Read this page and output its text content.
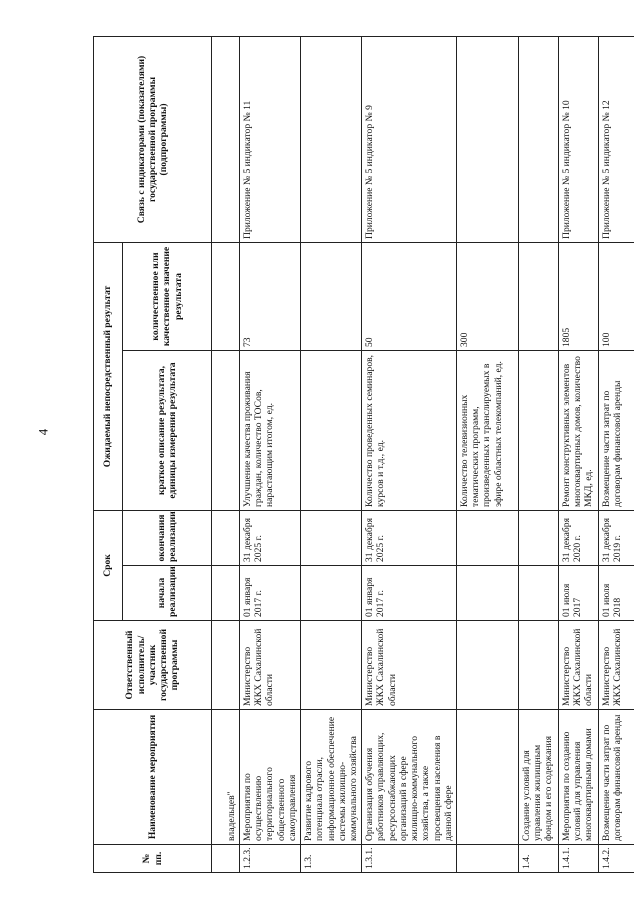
4
№ пп.	Наименование мероприятия	Ответственный исполнитель/участник государственной программы	Срок		Ожидаемый непосредственный результат		Связь с индикаторами (показателями) государственной программы (подпрограммы)
			начала реализации	окончания реализации	краткое описание результата, единицы измерения результата	количественное или качественное значение результата	
	владельцев"						
1.2.3.	Мероприятия по осуществлению территориального общественного самоуправления	Министерство ЖКХ Сахалинской области	01 января 2017 г.	31 декабря 2025 г.	Улучшение качества проживания граждан, количество ТОСов, нарастающим итогом, ед.	73	Приложение № 5 индикатор № 11
1.3.	Развитие кадрового потенциала отрасли, информационное обеспечение системы жилищно-коммунального хозяйства						
1.3.1.	Организация обучения работников управляющих, ресурсоснабжающих организаций в сфере жилищно-коммунального хозяйства, а также просвещения населения в данной сфере	Министерство ЖКХ Сахалинской области	01 января 2017 г.	31 декабря 2025 г.	Количество проведенных семинаров, курсов и т.д., ед.	50	Приложение № 5 индикатор № 9
					Количество телевизионных тематических программ, произведенных и транслируемых в эфире областных телекомпаний, ед.	300	
1.4.	Создание условий для управления жилищным фондом и его содержания						
1.4.1.	Мероприятия по созданию условий для управления многоквартирными домами	Министерство ЖКХ Сахалинской области	01 июля 2017	31 декабря 2020 г.	Ремонт конструктивных элементов многоквартирных домов, количество МКД, ед.	1805	Приложение № 5 индикатор № 10
1.4.2.	Возмещение части затрат по договорам финансовой аренды	Министерство ЖКХ Сахалинской	01 июля 2018	31 декабря 2019 г.	Возмещение части затрат по договорам финансовой аренды	100	Приложение № 5 индикатор № 12
